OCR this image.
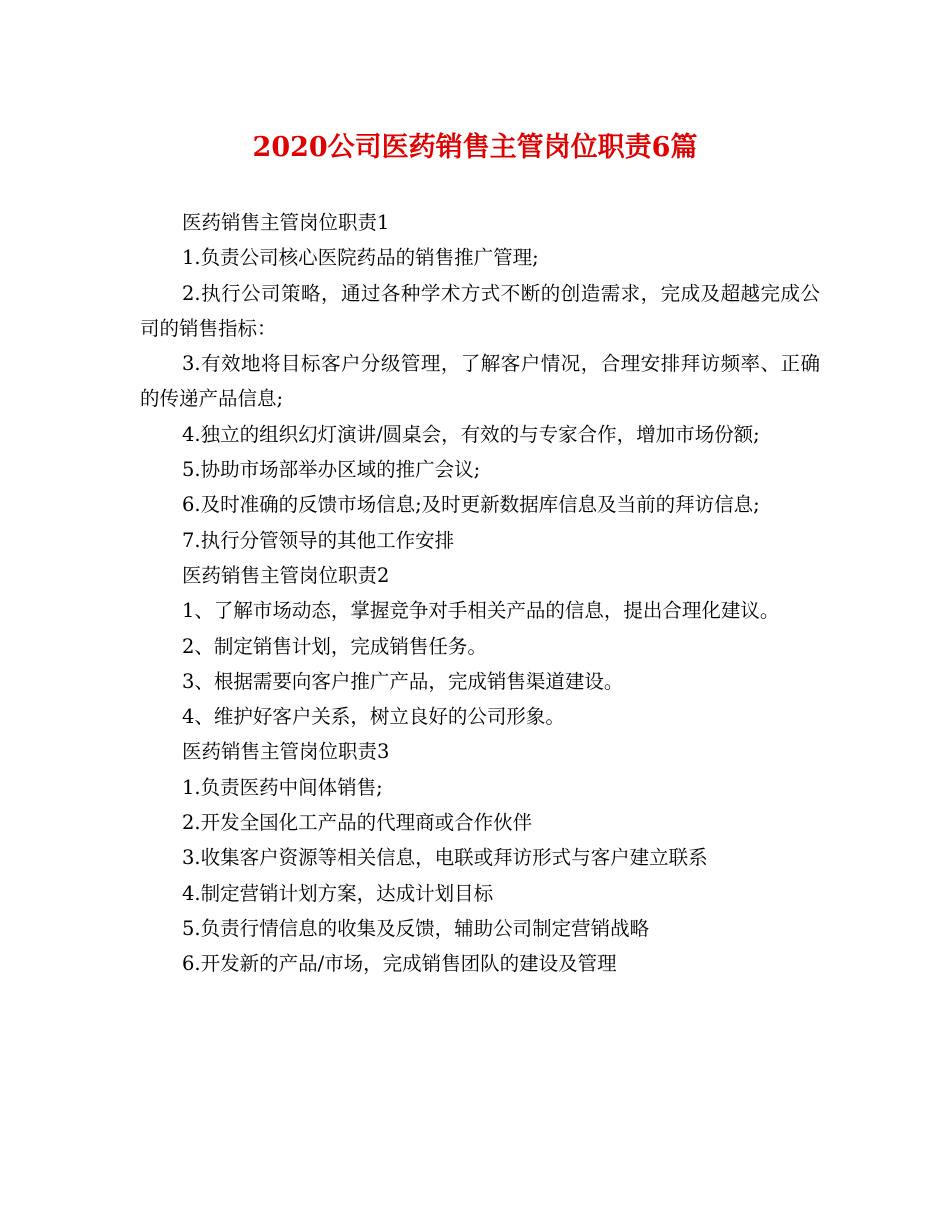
2020公司医药销售主管岗位职责6篇

医药销售主管岗位职责1

1.负责公司核心医院药品的销售推广管理;

2.执行公司策略，通过各种学术方式不断的创造需求，完成及超越完成公司的销售指标：

3.有效地将目标客户分级管理，了解客户情况，合理安排拜访频率、正确的传递产品信息;

4.独立的组织幻灯演讲/圆桌会，有效的与专家合作，增加市场份额;

5.协助市场部举办区域的推广会议;

6.及时准确的反馈市场信息;及时更新数据库信息及当前的拜访信息;

7.执行分管领导的其他工作安排

医药销售主管岗位职责2

1、了解市场动态，掌握竞争对手相关产品的信息，提出合理化建议。

2、制定销售计划，完成销售任务。

3、根据需要向客户推广产品，完成销售渠道建设。

4、维护好客户关系，树立良好的公司形象。

医药销售主管岗位职责3

1.负责医药中间体销售;

2.开发全国化工产品的代理商或合作伙伴

3.收集客户资源等相关信息，电联或拜访形式与客户建立联系

4.制定营销计划方案，达成计划目标

5.负责行情信息的收集及反馈，辅助公司制定营销战略

6.开发新的产品/市场，完成销售团队的建设及管理
